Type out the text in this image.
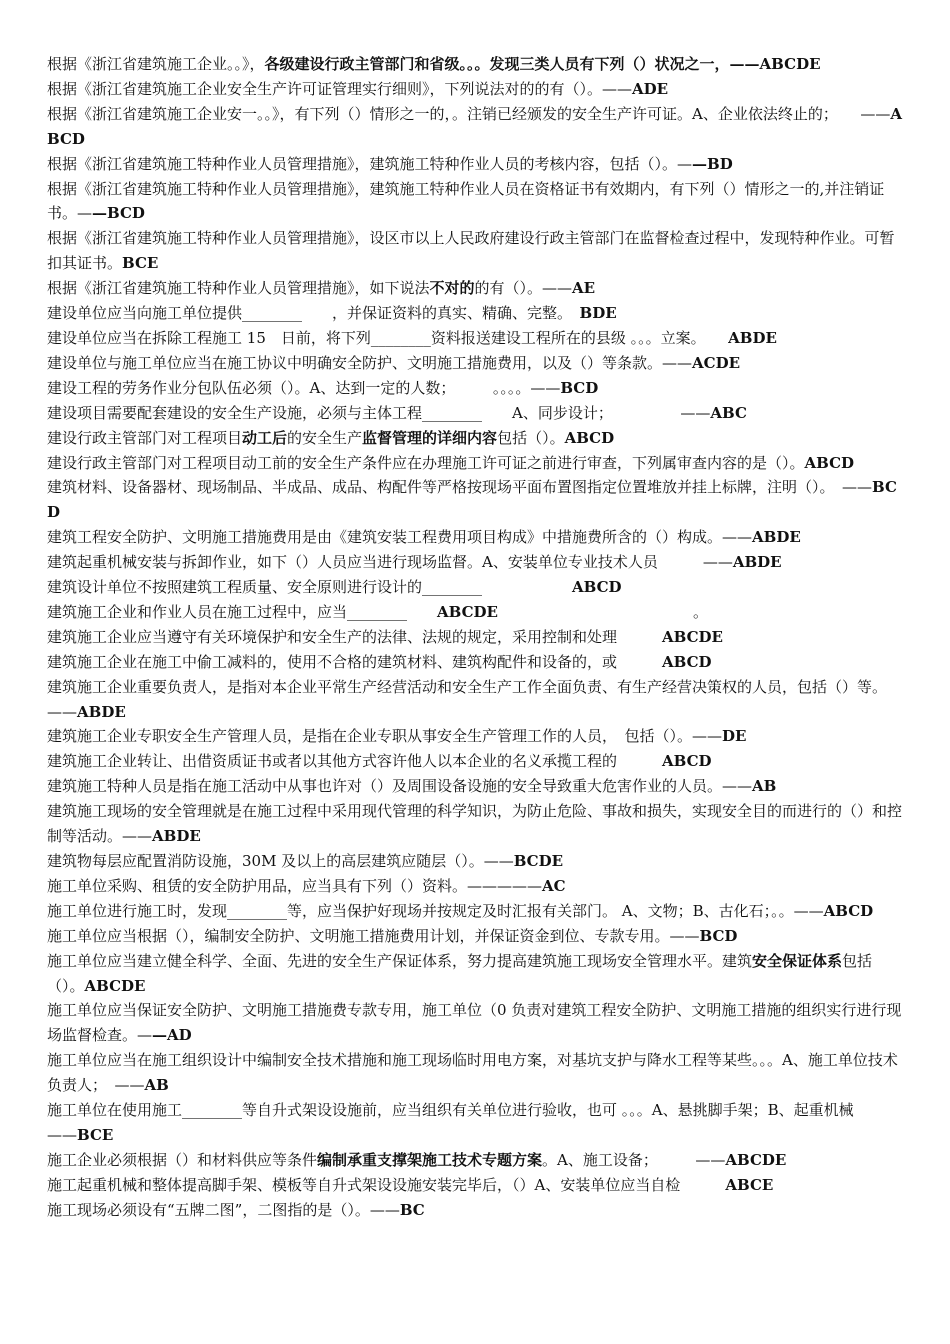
根据《浙江省建筑施工企业。。》，各级建设行政主管部门和省级。。。发现三类人员有下列（）状况之一，——ABCDE

根据《浙江省建筑施工企业安全生产许可证管理实行细则》，下列说法对的的有（）。——ADE

根据《浙江省建筑施工企业安一。。》，有下列（）情形之一的，。注销已经颁发的安全生产许可证。A、企业依法终止的；　　——ABCD

根据《浙江省建筑施工特种作业人员管理措施》，建筑施工特种作业人员的考核内容，包括（）。——BD

根据《浙江省建筑施工特种作业人员管理措施》，建筑施工特种作业人员在资格证书有效期内，有下列（）情形之一的,并注销证书。——BCD

根据《浙江省建筑施工特种作业人员管理措施》，设区市以上人民政府建设行政主管部门在监督检查过程中，发现特种作业。可暂扣其证书。BCE

根据《浙江省建筑施工特种作业人员管理措施》，如下说法不对的的有（）。——AE

建设单位应当向施工单位提供________　　，并保证资料的真实、精确、完整。　BDE

建设单位应当在拆除工程施工 15　日前，将下列________资料报送建设工程所在的县级 。。。立案。　　ABDE

建设单位与施工单位应当在施工协议中明确安全防护、文明施工措施费用，以及（）等条款。——ACDE

建设工程的劳务作业分包队伍必须（）。A、达到一定的人数；　　　。。。。——BCD

建设项目需要配套建设的安全生产设施，必须与主体工程________　　A、同步设计；　　　　　——ABC

建设行政主管部门对工程项目动工后的安全生产监督管理的详细内容包括（）。ABCD

建设行政主管部门对工程项目动工前的安全生产条件应在办理施工许可证之前进行审查，下列属审查内容的是（）。ABCD

建筑材料、设备器材、现场制品、半成品、成品、构配件等严格按现场平面布置图指定位置堆放并挂上标牌，注明（）。　——BCD

建筑工程安全防护、文明施工措施费用是由《建筑安装工程费用项目构成》中措施费所含的（）构成。——ABDE

建筑起重机械安装与拆卸作业，如下（）人员应当进行现场监督。A、安装单位专业技术人员　　　——ABDE

建筑设计单位不按照建筑工程质量、安全原则进行设计的________　　　　　　ABCD

建筑施工企业和作业人员在施工过程中，应当________　　ABCDE　　　　　　　　　　　　　。

建筑施工企业应当遵守有关环境保护和安全生产的法律、法规的规定，采用控制和处理　　　ABCDE

建筑施工企业在施工中偷工减料的，使用不合格的建筑材料、建筑构配件和设备的，或　　　ABCD

建筑施工企业重要负责人，是指对本企业平常生产经营活动和安全生产工作全面负责、有生产经营决策权的人员，包括（）等。——ABDE

建筑施工企业专职安全生产管理人员，是指在企业专职从事安全生产管理工作的人员，　包括（）。——DE

建筑施工企业转让、出借资质证书或者以其他方式容许他人以本企业的名义承揽工程的　　　ABCD

建筑施工特种人员是指在施工活动中从事也许对（）及周围设备设施的安全导致重大危害作业的人员。——AB

建筑施工现场的安全管理就是在施工过程中采用现代管理的科学知识，为防止危险、事故和损失，实现安全目的而进行的（）和控制等活动。——ABDE

建筑物每层应配置消防设施，30M 及以上的高层建筑应随层（）。——BCDE

施工单位采购、租赁的安全防护用品，应当具有下列（）资料。—————AC

施工单位进行施工时，发现________等，应当保护好现场并按规定及时汇报有关部门。 A、文物；B、古化石；。。——ABCD

施工单位应当根据（），编制安全防护、文明施工措施费用计划，并保证资金到位、专款专用。——BCD

施工单位应当建立健全科学、全面、先进的安全生产保证体系，努力提高建筑施工现场安全管理水平。建筑安全保证体系包括（）。ABCDE

施工单位应当保证安全防护、文明施工措施费专款专用，施工单位（0 负责对建筑工程安全防护、文明施工措施的组织实行进行现场监督检查。——AD

施工单位应当在施工组织设计中编制安全技术措施和施工现场临时用电方案，对基坑支护与降水工程等某些。。。A、施工单位技术负责人；　——AB

施工单位在使用施工________等自升式架设设施前，应当组织有关单位进行验收，也可 。。。A、悬挑脚手架；B、起重机械　　——BCE

施工企业必须根据（）和材料供应等条件编制承重支撑架施工技术专题方案。A、施工设备；　　　——ABCDE

施工起重机械和整体提高脚手架、模板等自升式架设设施安装完毕后，（）A、安装单位应当自检　　　ABCE

施工现场必须设有“五牌二图”，二图指的是（）。——BC
